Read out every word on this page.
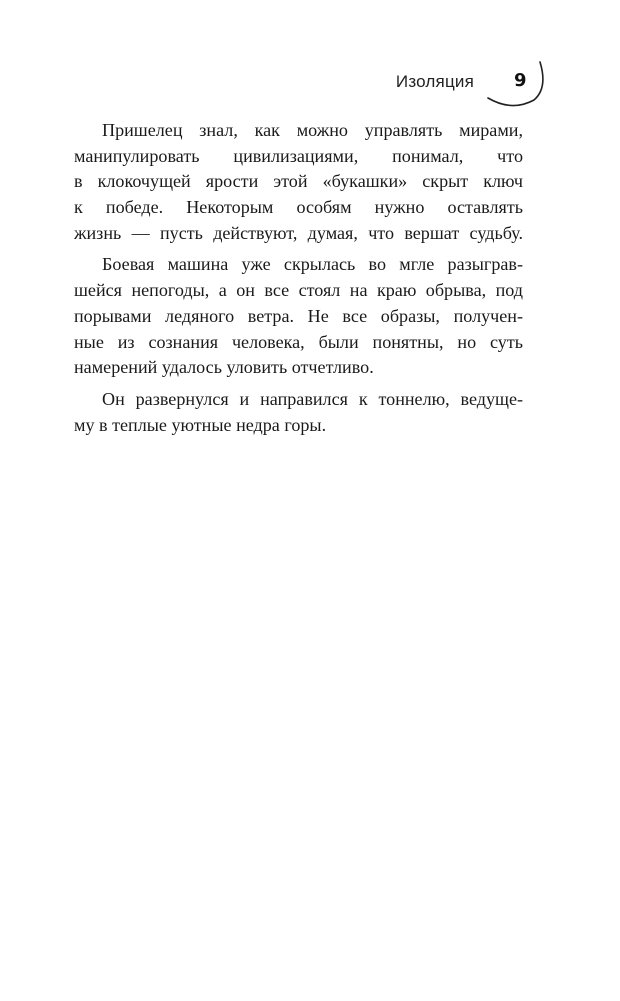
Изоляция 9
Пришелец знал, как можно управлять мирами,
манипулировать цивилизациями, понимал, что
в клокочущей ярости этой «букашки» скрыт ключ
к победе. Некоторым особям нужно оставлять
жизнь — пусть действуют, думая, что вершат судьбу.
Боевая машина уже скрылась во мгле разыграв-
шейся непогоды, а он все стоял на краю обрыва, под
порывами ледяного ветра. Не все образы, получен-
ные из сознания человека, были понятны, но суть
намерений удалось уловить отчетливо.
Он развернулся и направился к тоннелю, ведуще-
му в теплые уютные недра горы.
